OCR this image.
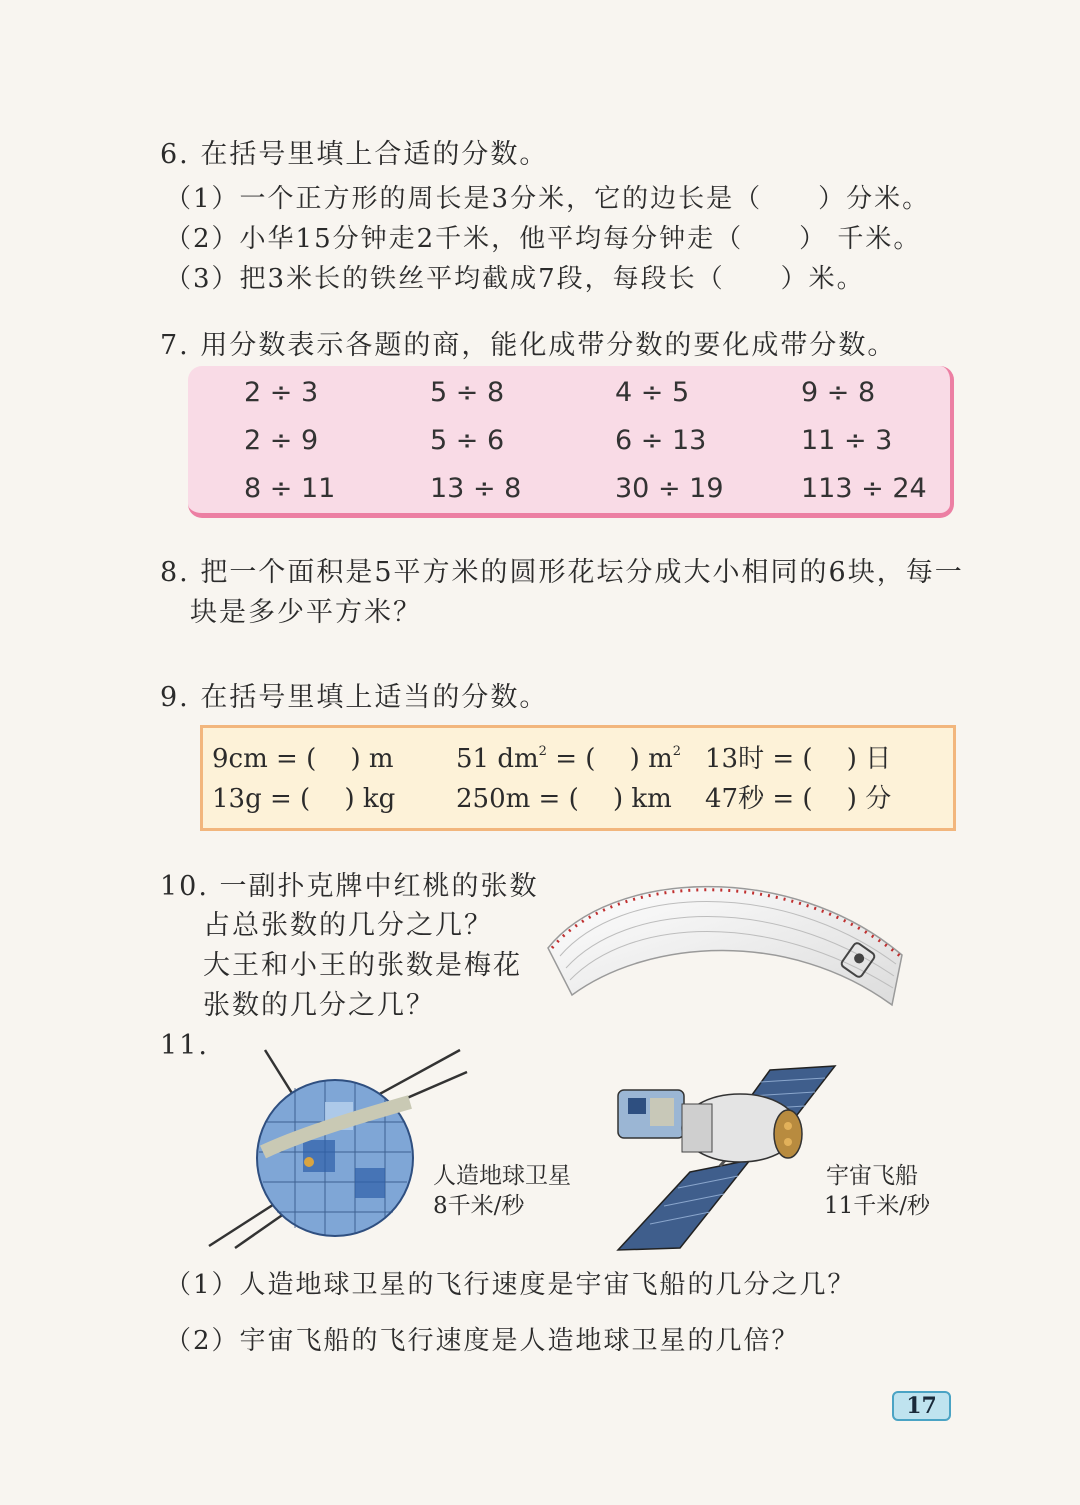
6. 在括号里填上合适的分数。
（1）一个正方形的周长是3分米，它的边长是（　　）分米。
（2）小华15分钟走2千米，他平均每分钟走（　　） 千米。
（3）把3米长的铁丝平均截成7段，每段长（　　）米。
7. 用分数表示各题的商，能化成带分数的要化成带分数。
2 ÷ 3	5 ÷ 8	4 ÷ 5	9 ÷ 8
2 ÷ 9	5 ÷ 6	6 ÷ 13	11 ÷ 3
8 ÷ 11	13 ÷ 8	30 ÷ 19	113 ÷ 24
8. 把一个面积是5平方米的圆形花坛分成大小相同的6块，每一
块是多少平方米？
9. 在括号里填上适当的分数。
9cm = (　 ) m 51 $dm^2$ = (　 ) $m^2$ 13时 = (　 ) 日
13g = (　 ) kg 250m = (　 ) km 47秒 = (　 ) 分
10. 一副扑克牌中红桃的张数
占总张数的几分之几？
大王和小王的张数是梅花
张数的几分之几？
11.
人造地球卫星
8千米/秒
宇宙飞船
11千米/秒
（1）人造地球卫星的飞行速度是宇宙飞船的几分之几？
（2）宇宙飞船的飞行速度是人造地球卫星的几倍？
17
